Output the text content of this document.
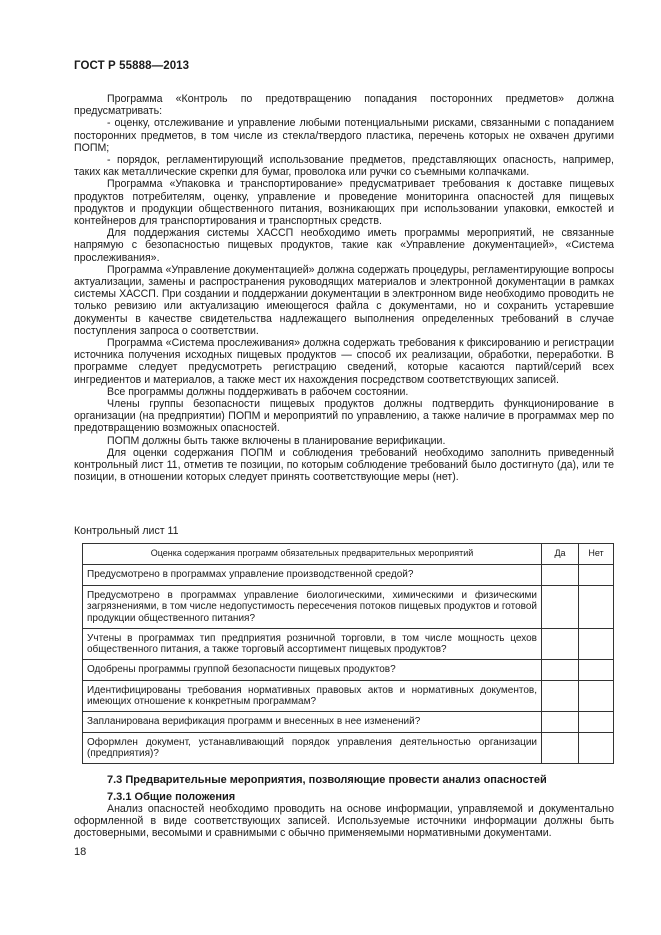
ГОСТ Р 55888—2013

Программа «Контроль по предотвращению попадания посторонних предметов» должна предусматривать:

- оценку, отслеживание и управление любыми потенциальными рисками, связанными с попаданием посторонних предметов, в том числе из стекла/твердого пластика, перечень которых не охвачен другими ПОПМ;

- порядок, регламентирующий использование предметов, представляющих опасность, например, таких как металлические скрепки для бумаг, проволока или ручки со съемными колпачками.

Программа «Упаковка и транспортирование» предусматривает требования к доставке пищевых продуктов потребителям, оценку, управление и проведение мониторинга опасностей для пищевых продуктов и продукции общественного питания, возникающих при использовании упаковки, емкостей и контейнеров для транспортирования и транспортных средств.

Для поддержания системы ХАССП необходимо иметь программы мероприятий, не связанные напрямую с безопасностью пищевых продуктов, такие как «Управление документацией», «Система прослеживания».

Программа «Управление документацией» должна содержать процедуры, регламентирующие вопросы актуализации, замены и распространения руководящих материалов и электронной документации в рамках системы ХАССП. При создании и поддержании документации в электронном виде необходимо проводить не только ревизию или актуализацию имеющегося файла с документами, но и сохранить устаревшие документы в качестве свидетельства надлежащего выполнения определенных требований в случае поступления запроса о соответствии.

Программа «Система прослеживания» должна содержать требования к фиксированию и регистрации источника получения исходных пищевых продуктов — способ их реализации, обработки, переработки. В программе следует предусмотреть регистрацию сведений, которые касаются партий/серий всех ингредиентов и материалов, а также мест их нахождения посредством соответствующих записей.

Все программы должны поддерживать в рабочем состоянии.

Члены группы безопасности пищевых продуктов должны подтвердить функционирование в организации (на предприятии) ПОПМ и мероприятий по управлению, а также наличие в программах мер по предотвращению возможных опасностей.

ПОПМ должны быть также включены в планирование верификации.

Для оценки содержания ПОПМ и соблюдения требований необходимо заполнить приведенный контрольный лист 11, отметив те позиции, по которым соблюдение требований было достигнуто (да), или те позиции, в отношении которых следует принять соответствующие меры (нет).

Контрольный лист 11
Оценка содержания программ обязательных предварительных мероприятий	Да	Нет
Предусмотрено в программах управление производственной средой?		
Предусмотрено в программах управление биологическими, химическими и физическими загрязнениями, в том числе недопустимость пересечения потоков пищевых продуктов и готовой продукции общественного питания?		
Учтены в программах тип предприятия розничной торговли, в том числе мощность цехов общественного питания, а также торговый ассортимент пищевых продуктов?		
Одобрены программы группой безопасности пищевых продуктов?		
Идентифицированы требования нормативных правовых актов и нормативных документов, имеющих отношение к конкретным программам?		
Запланирована верификация программ и внесенных в нее изменений?		
Оформлен документ, устанавливающий порядок управления деятельностью организации (предприятия)?		
7.3 Предварительные мероприятия, позволяющие провести анализ опасностей
7.3.1 Общие положения

Анализ опасностей необходимо проводить на основе информации, управляемой и документально оформленной в виде соответствующих записей. Используемые источники информации должны быть достоверными, весомыми и сравнимыми с обычно применяемыми нормативными документами.

18
